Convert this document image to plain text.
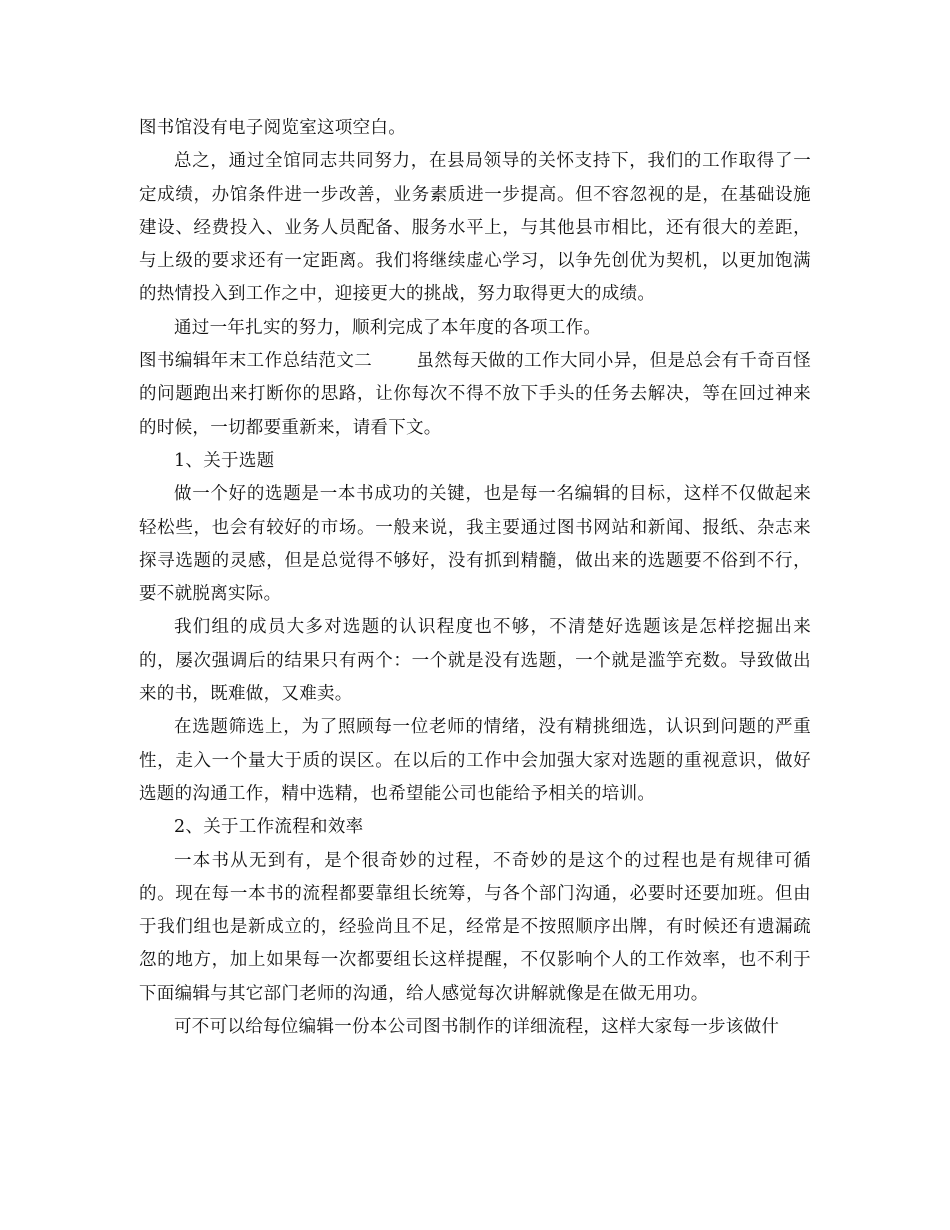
图书馆没有电子阅览室这项空白。

总之，通过全馆同志共同努力，在县局领导的关怀支持下，我们的工作取得了一定成绩，办馆条件进一步改善，业务素质进一步提高。但不容忽视的是，在基础设施建设、经费投入、业务人员配备、服务水平上，与其他县市相比，还有很大的差距，与上级的要求还有一定距离。我们将继续虚心学习，以争先创优为契机，以更加饱满的热情投入到工作之中，迎接更大的挑战，努力取得更大的成绩。

通过一年扎实的努力，顺利完成了本年度的各项工作。

图书编辑年末工作总结范文二	虽然每天做的工作大同小异，但是总会有千奇百怪的问题跑出来打断你的思路，让你每次不得不放下手头的任务去解决，等在回过神来的时候，一切都要重新来，请看下文。

1、关于选题

做一个好的选题是一本书成功的关键，也是每一名编辑的目标，这样不仅做起来轻松些，也会有较好的市场。一般来说，我主要通过图书网站和新闻、报纸、杂志来探寻选题的灵感，但是总觉得不够好，没有抓到精髓，做出来的选题要不俗到不行，要不就脱离实际。

我们组的成员大多对选题的认识程度也不够，不清楚好选题该是怎样挖掘出来的，屡次强调后的结果只有两个：一个就是没有选题，一个就是滥竽充数。导致做出来的书，既难做，又难卖。

在选题筛选上，为了照顾每一位老师的情绪，没有精挑细选，认识到问题的严重性，走入一个量大于质的误区。在以后的工作中会加强大家对选题的重视意识，做好选题的沟通工作，精中选精，也希望能公司也能给予相关的培训。

2、关于工作流程和效率

一本书从无到有，是个很奇妙的过程，不奇妙的是这个的过程也是有规律可循的。现在每一本书的流程都要靠组长统筹，与各个部门沟通，必要时还要加班。但由于我们组也是新成立的，经验尚且不足，经常是不按照顺序出牌，有时候还有遗漏疏忽的地方，加上如果每一次都要组长这样提醒，不仅影响个人的工作效率，也不利于下面编辑与其它部门老师的沟通，给人感觉每次讲解就像是在做无用功。

可不可以给每位编辑一份本公司图书制作的详细流程，这样大家每一步该做什
